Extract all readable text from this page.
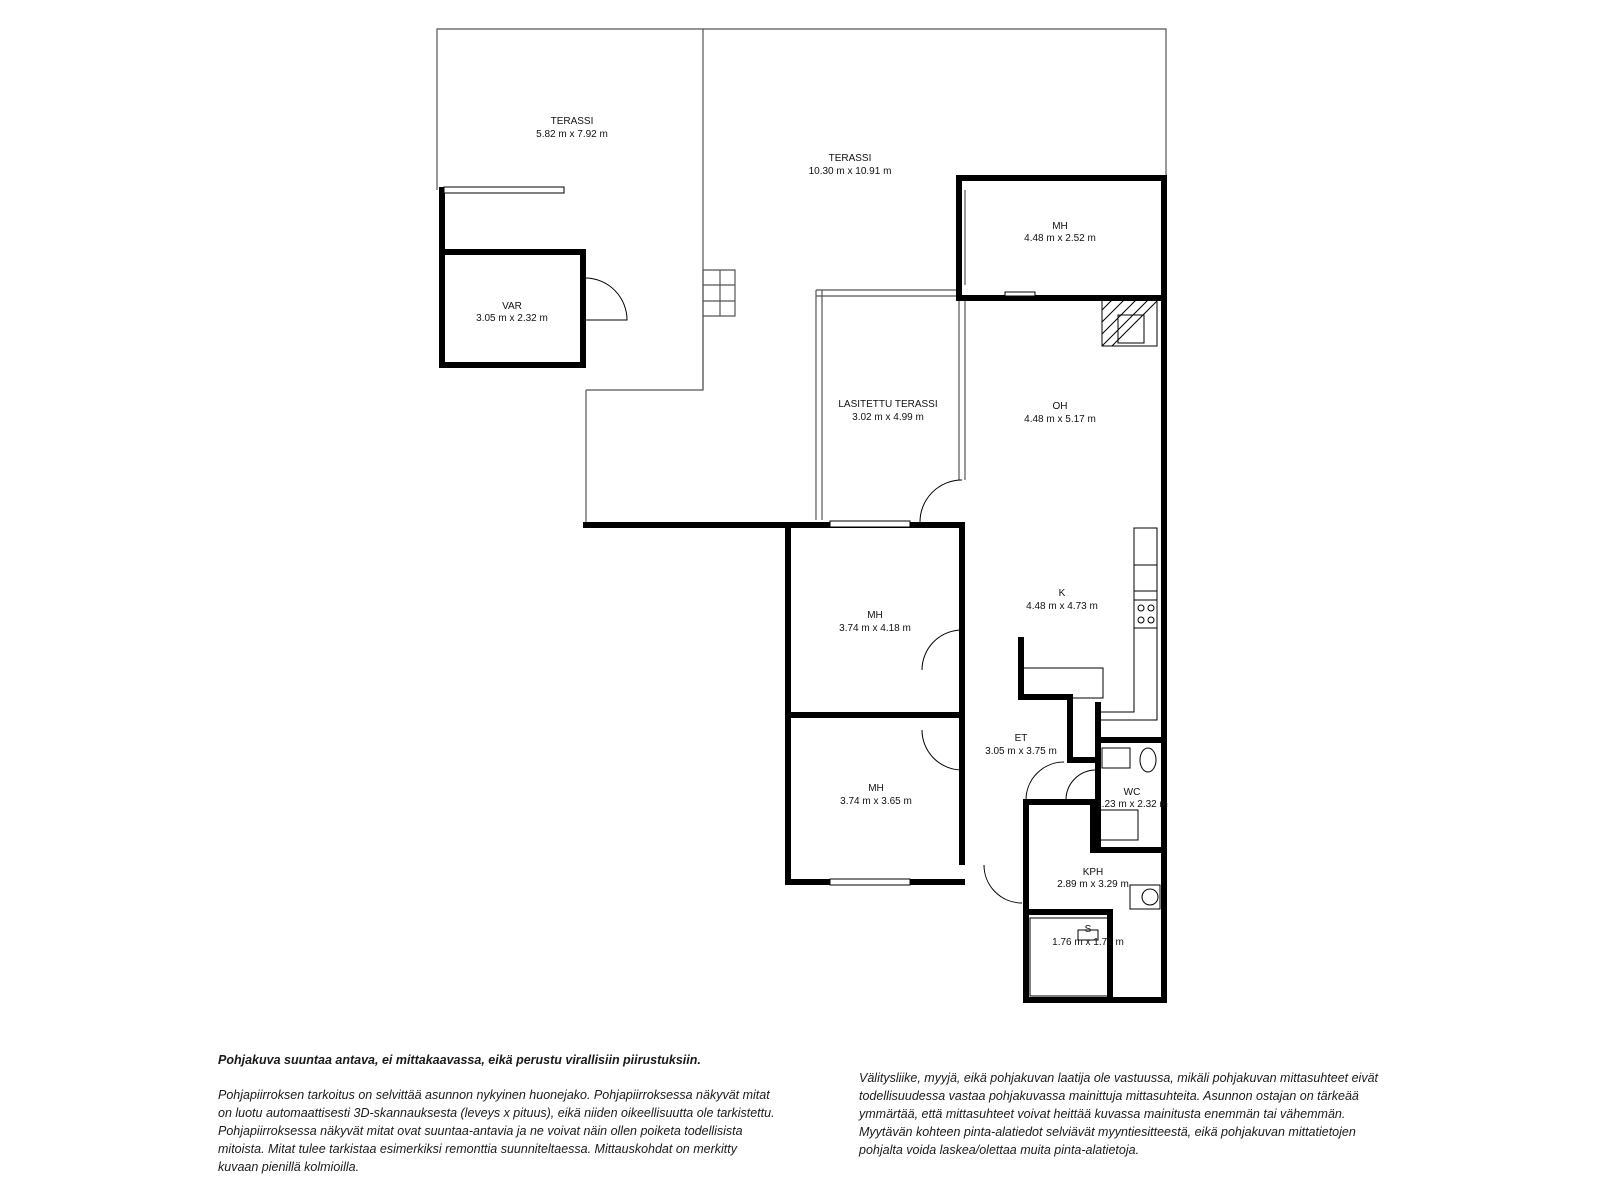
TERASSI
5.82 m x 7.92 m
TERASSI
10.30 m x 10.91 m
VAR
3.05 m x 2.32 m
MH
4.48 m x 2.52 m
LASITETTU TERASSI
3.02 m x 4.99 m
OH
4.48 m x 5.17 m
K
4.48 m x 4.73 m
MH
3.74 m x 4.18 m
ET
3.05 m x 3.75 m
MH
3.74 m x 3.65 m
WC
1.23 m x 2.32 m
KPH
2.89 m x 3.29 m
S
1.76 m x 1.71 m

Pohjakuva suuntaa antava, ei mittakaavassa, eikä perustu virallisiin piirustuksiin.

Pohjapiirroksen tarkoitus on selvittää asunnon nykyinen huonejako. Pohjapiirroksessa näkyvät mitat on luotu automaattisesti 3D-skannauksesta (leveys x pituus), eikä niiden oikeellisuutta ole tarkistettu. Pohjapiirroksessa näkyvät mitat ovat suuntaa-antavia ja ne voivat näin ollen poiketa todellisista mitoista. Mitat tulee tarkistaa esimerkiksi remonttia suunniteltaessa. Mittauskohdat on merkitty kuvaan pienillä kolmioilla.

Välitysliike, myyjä, eikä pohjakuvan laatija ole vastuussa, mikäli pohjakuvan mittasuhteet eivät todellisuudessa vastaa pohjakuvassa mainittuja mittasuhteita. Asunnon ostajan on tärkeää ymmärtää, että mittasuhteet voivat heittää kuvassa mainitusta enemmän tai vähemmän. Myytävän kohteen pinta-alatiedot selviävät myyntiesitteestä, eikä pohjakuvan mittatietojen pohjalta voida laskea/olettaa muita pinta-alatietoja.
